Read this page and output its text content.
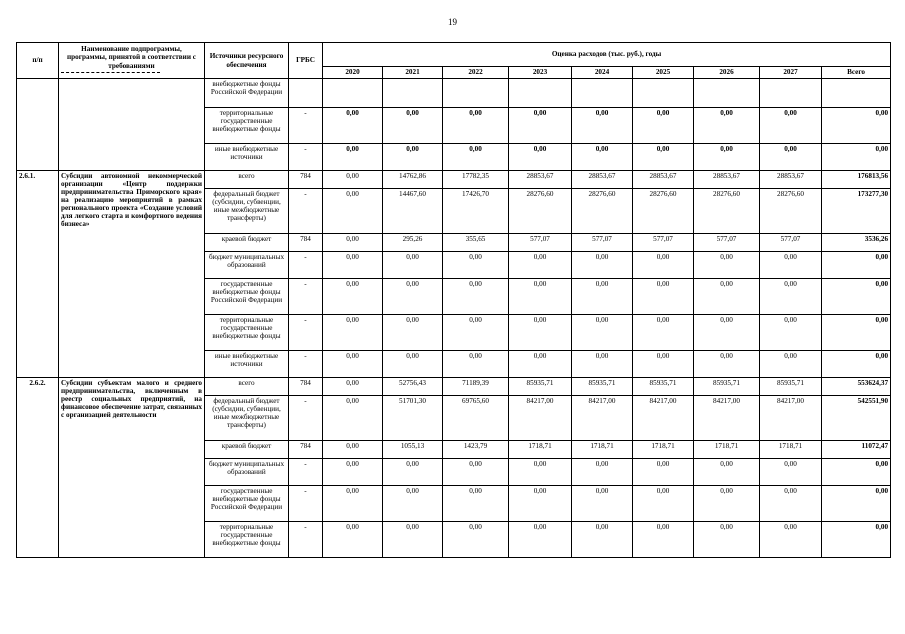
19
п/п	Наименование подпрограммы, программы, принятой в соответствии с требованиями	Источники ресурсного обеспечения	ГРБС	Оценка расходов (тыс. руб.), годы								
				2020	2021	2022	2023	2024	2025	2026	2027	Всего
		внебюджетные фонды Российской Федерации										
		территориальные государственные внебюджетные фонды	-	0,00	0,00	0,00	0,00	0,00	0,00	0,00	0,00	0,00
		иные внебюджетные источники	-	0,00	0,00	0,00	0,00	0,00	0,00	0,00	0,00	0,00
2.6.1.	Субсидии автономной некоммерческой организации «Центр поддержки предпринимательства Приморского края» на реализацию мероприятий в рамках регионального проекта «Создание условий для легкого старта и комфортного ведения бизнеса»	всего	784	0,00	14762,86	17782,35	28853,67	28853,67	28853,67	28853,67	28853,67	176813,56
		федеральный бюджет (субсидии, субвенции, иные межбюджетные трансферты)	-	0,00	14467,60	17426,70	28276,60	28276,60	28276,60	28276,60	28276,60	173277,30
		краевой бюджет	784	0,00	295,26	355,65	577,07	577,07	577,07	577,07	577,07	3536,26
		бюджет муниципальных образований	-	0,00	0,00	0,00	0,00	0,00	0,00	0,00	0,00	0,00
		государственные внебюджетные фонды Российской Федерации	-	0,00	0,00	0,00	0,00	0,00	0,00	0,00	0,00	0,00
		территориальные государственные внебюджетные фонды	-	0,00	0,00	0,00	0,00	0,00	0,00	0,00	0,00	0,00
		иные внебюджетные источники	-	0,00	0,00	0,00	0,00	0,00	0,00	0,00	0,00	0,00
2.6.2.	Субсидии субъектам малого и среднего предпринимательства, включенным в реестр социальных предприятий, на финансовое обеспечение затрат, связанных с организацией деятельности	всего	784	0,00	52756,43	71189,39	85935,71	85935,71	85935,71	85935,71	85935,71	553624,37
		федеральный бюджет (субсидии, субвенции, иные межбюджетные трансферты)	-	0,00	51701,30	69765,60	84217,00	84217,00	84217,00	84217,00	84217,00	542551,90
		краевой бюджет	784	0,00	1055,13	1423,79	1718,71	1718,71	1718,71	1718,71	1718,71	11072,47
		бюджет муниципальных образований	-	0,00	0,00	0,00	0,00	0,00	0,00	0,00	0,00	0,00
		государственные внебюджетные фонды Российской Федерации	-	0,00	0,00	0,00	0,00	0,00	0,00	0,00	0,00	0,00
		территориальные государственные внебюджетные фонды	-	0,00	0,00	0,00	0,00	0,00	0,00	0,00	0,00	0,00
